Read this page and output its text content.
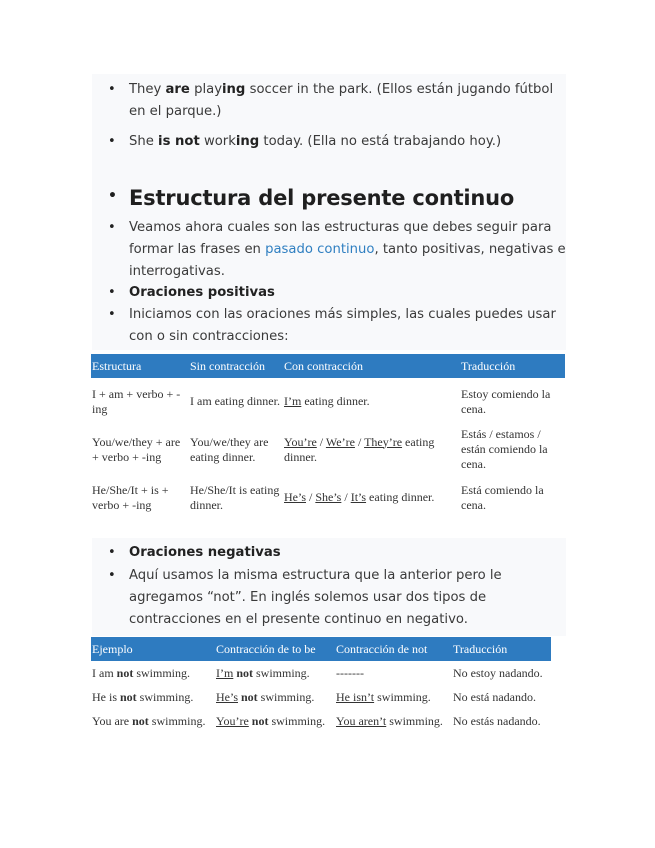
• They are playing soccer in the park. (Ellos están jugando fútbol en el parque.)
• She is not working today. (Ella no está trabajando hoy.)
• Estructura del presente continuo
• Veamos ahora cuales son las estructuras que debes seguir para formar las frases en pasado continuo, tanto positivas, negativas e interrogativas.
• Oraciones positivas
• Iniciamos con las oraciones más simples, las cuales puedes usar con o sin contracciones:
Estructura	Sin contracción	Con contracción	Traducción
I + am + verbo + -ing	I am eating dinner.	I’m eating dinner.	Estoy comiendo la cena.
You/we/they + are + verbo + -ing	You/we/they are eating dinner.	You’re / We’re / They’re eating dinner.	Estás / estamos / están comiendo la cena.
He/She/It + is + verbo + -ing	He/She/It is eating dinner.	He’s / She’s / It’s eating dinner.	Está comiendo la cena.
• Oraciones negativas
• Aquí usamos la misma estructura que la anterior pero le agregamos “not”. En inglés solemos usar dos tipos de contracciones en el presente continuo en negativo.
Ejemplo	Contracción de to be	Contracción de not	Traducción
I am not swimming.	I’m not swimming.	-------	No estoy nadando.
He is not swimming.	He’s not swimming.	He isn’t swimming.	No está nadando.
You are not swimming.	You’re not swimming.	You aren’t swimming.	No estás nadando.
